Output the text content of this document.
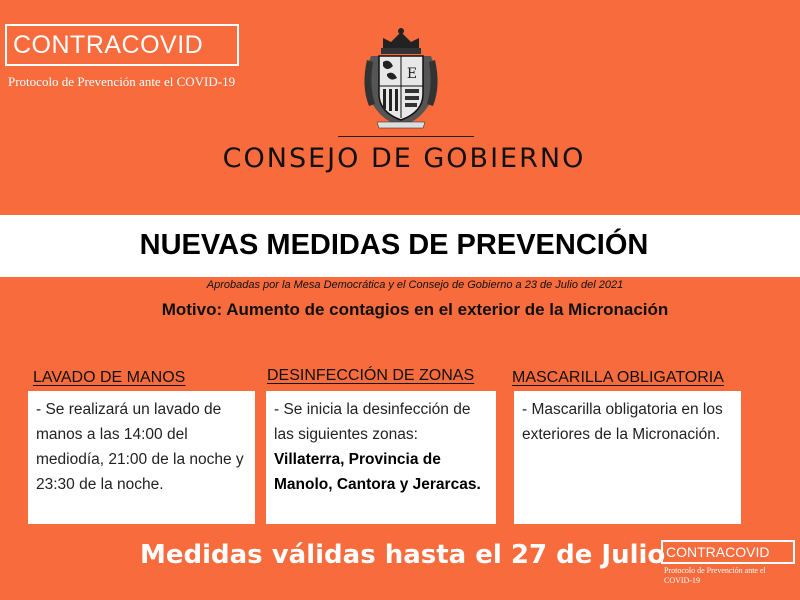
CONTRACOVID
Protocolo de Prevención ante el COVID-19	E
CONSEJO DE GOBIERNO
NUEVAS MEDIDAS DE PREVENCIÓN
Aprobadas por la Mesa Democrática y el Consejo de Gobierno a 23 de Julio del 2021
Motivo: Aumento de contagios en el exterior de la Micronación
LAVADO DE MANOS
- Se realizará un lavado de manos a las 14:00 del mediodía, 21:00 de la noche y 23:30 de la noche.
DESINFECCIÓN DE ZONAS
- Se inicia la desinfección de las siguientes zonas: Villaterra, Provincia de Manolo, Cantora y Jerarcas.
MASCARILLA OBLIGATORIA
- Mascarilla obligatoria en los exteriores de la Micronación.
Medidas válidas hasta el 27 de Julio CONTRACOVID
Protocolo de Prevención ante el COVID-19
